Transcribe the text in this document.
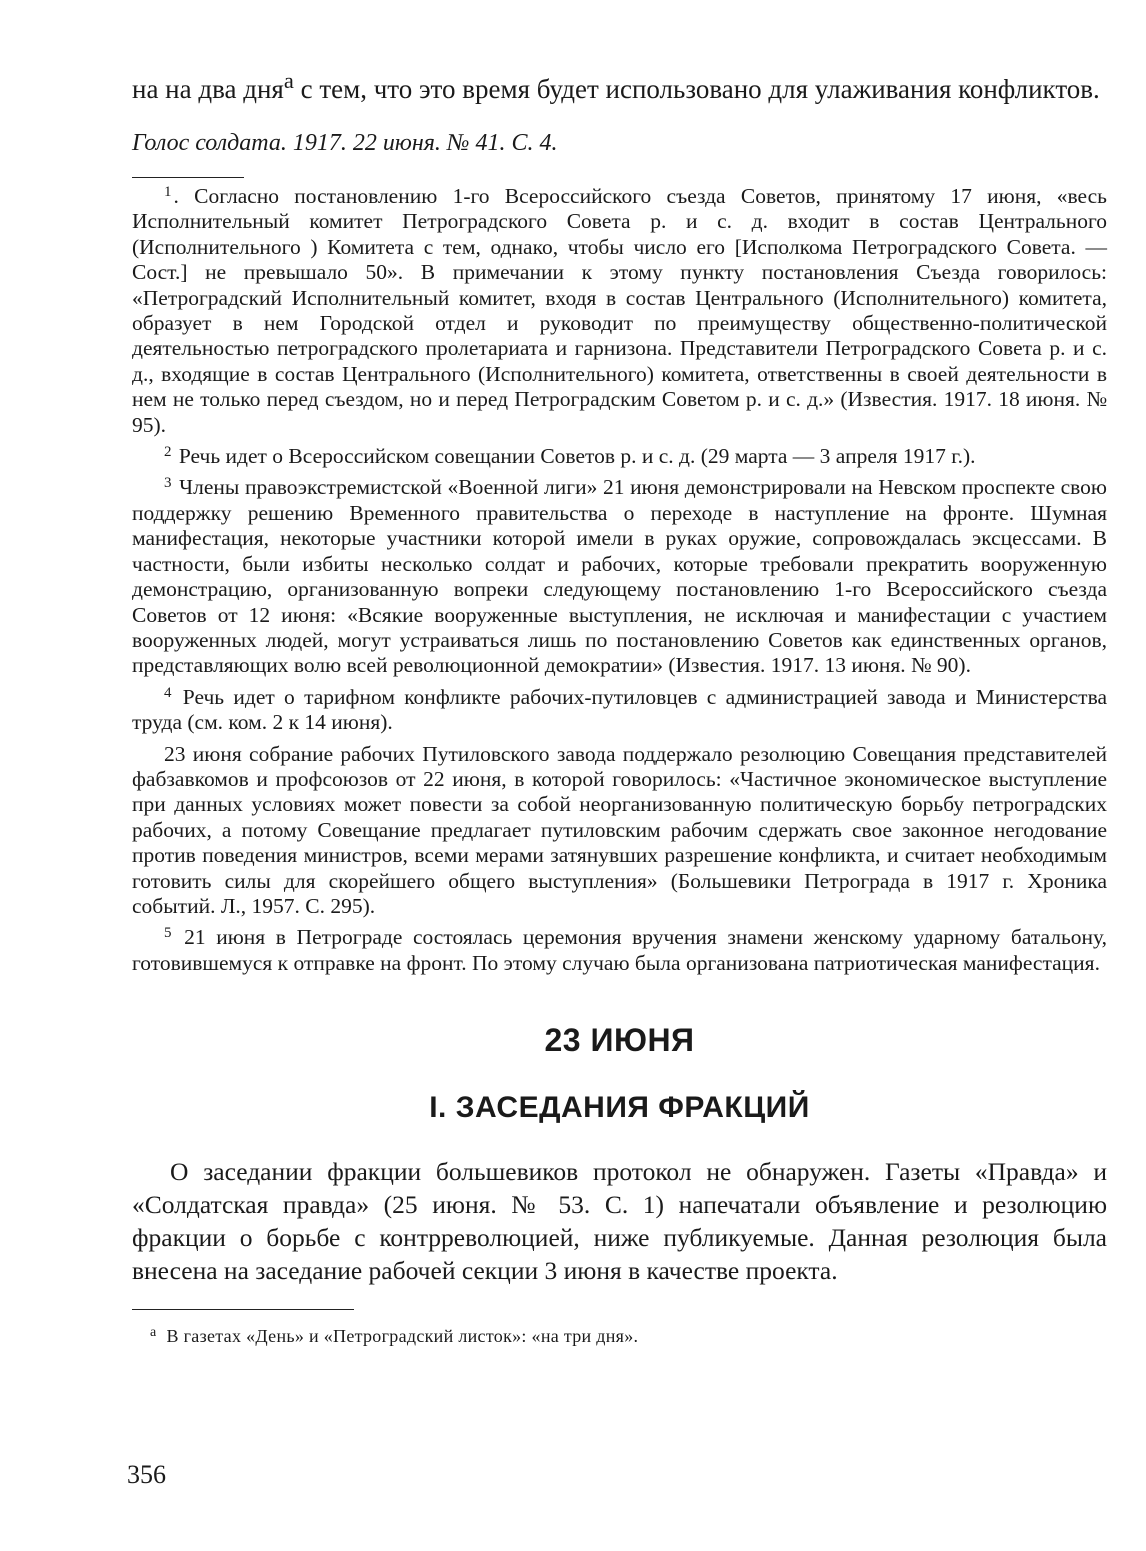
на на два дня$^a$ с тем, что это время будет использовано для улаживания конфликтов.

Голос солдата. 1917. 22 июня. № 41. С. 4.

$^1$. Согласно постановлению 1-го Всероссийского съезда Советов, принятому 17 июня, «весь Исполнительный комитет Петроградского Совета р. и с. д. входит в состав Центрального (Исполнительного ) Комитета с тем, однако, чтобы число его [Исполкома Петроградского Совета. — Сост.] не превышало 50». В примечании к этому пункту постановления Съезда говорилось: «Петроградский Исполнительный комитет, входя в состав Центрального (Исполнительного) комитета, образует в нем Городской отдел и руководит по преимуществу общественно-политической деятельностью петроградского пролетариата и гарнизона. Представители Петроградского Совета р. и с. д., входящие в состав Центрального (Исполнительного) комитета, ответственны в своей деятельности в нем не только перед съездом, но и перед Петроградским Советом р. и с. д.» (Известия. 1917. 18 июня. № 95).

$^2$ Речь идет о Всероссийском совещании Советов р. и с. д. (29 марта — 3 апреля 1917 г.).

$^3$ Члены правоэкстремистской «Военной лиги» 21 июня демонстрировали на Невском проспекте свою поддержку решению Временного правительства о переходе в наступление на фронте. Шумная манифестация, некоторые участники которой имели в руках оружие, сопровождалась эксцессами. В частности, были избиты несколько солдат и рабочих, которые требовали прекратить вооруженную демонстрацию, организованную вопреки следующему постановлению 1-го Всероссийского съезда Советов от 12 июня: «Всякие вооруженные выступления, не исключая и манифестации с участием вооруженных людей, могут устраиваться лишь по постановлению Советов как единственных органов, представляющих волю всей революционной демократии» (Известия. 1917. 13 июня. № 90).

$^4$ Речь идет о тарифном конфликте рабочих-путиловцев с администрацией завода и Министерства труда (см. ком. 2 к 14 июня).

23 июня собрание рабочих Путиловского завода поддержало резолюцию Совещания представителей фабзавкомов и профсоюзов от 22 июня, в которой говорилось: «Частичное экономическое выступление при данных условиях может повести за собой неорганизованную политическую борьбу петроградских рабочих, а потому Совещание предлагает путиловским рабочим сдержать свое законное негодование против поведения министров, всеми мерами затянувших разрешение конфликта, и считает необходимым готовить силы для скорейшего общего выступления» (Большевики Петрограда в 1917 г. Хроника событий. Л., 1957. С. 295).

$^5$ 21 июня в Петрограде состоялась церемония вручения знамени женскому ударному батальону, готовившемуся к отправке на фронт. По этому случаю была организована патриотическая манифестация.

23 ИЮНЯ
I. ЗАСЕДАНИЯ ФРАКЦИЙ

О заседании фракции большевиков протокол не обнаружен. Газеты «Правда» и «Солдатская правда» (25 июня. № 53. С. 1) напечатали объявление и резолюцию фракции о борьбе с контрреволюцией, ниже публикуемые. Данная резолюция была внесена на заседание рабочей секции 3 июня в качестве проекта.

$^a$ В газетах «День» и «Петроградский листок»: «на три дня».

356
